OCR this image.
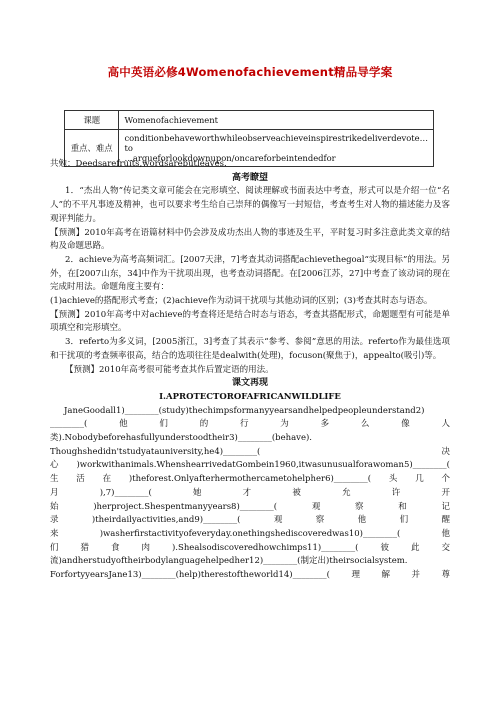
高中英语必修4Womenofachievement精品导学案
课题	Womenofachievement
重点、难点	conditionbehaveworthwhileobserveachieveinspirestrikedeliverdevote…to
…argueforlookdownupon/oncareforbeintendedfor

共勉：Deedsarefruits,wordsarebutleaves.

高考瞭望

1．“杰出人物”传记类文章可能会在完形填空、阅读理解或书面表达中考查，形式可以是介绍一位“名人”的不平凡事迹及精神，也可以要求考生给自己崇拜的偶像写一封短信，考查考生对人物的描述能力及客观评判能力。

【预测】2010年高考在语篇材料中仍会涉及成功杰出人物的事迹及生平，平时复习时多注意此类文章的结构及命题思路。

2．achieve为高考高频词汇。[2007天津，7]考查其动词搭配achievethegoal“实现目标”的用法。另外，在[2007山东，34]中作为干扰项出现，也考查动词搭配。在[2006江苏，27]中考查了该动词的现在完成时用法。命题角度主要有：

(1)achieve的搭配形式考查；(2)achieve作为动词干扰项与其他动词的区别；(3)考查其时态与语态。

【预测】2010年高考中对achieve的考查将还是结合时态与语态，考查其搭配形式，命题题型有可能是单项填空和完形填空。

3．referto为多义词，[2005浙江，3]考查了其表示“参考、参阅”意思的用法。referto作为最佳选项和干扰项的考查频率很高，结合的选项往往是dealwith(处理)，focuson(聚焦于)，appealto(吸引)等。

【预测】2010年高考很可能考查其作后置定语的用法。

课文再现

Ⅰ.APROTECTOROFAFRICANWILDLIFE

JaneGoodall1)________(study)thechimpsformanyyearsandhelpedpeopleunderstand2)

________(他们的行为多么像人

类).Nobodybeforehasfullyunderstoodtheir3)________(behave).

Thoughshedidn'tstudyatauniversity,he4)________(决

心)workwithanimals.WhenshearrivedatGombein1960,itwasunusualforawoman5)________(

生活在)theforest.Onlyafterhermothercametohelpher6)________(头几个

月),7)________(她才被允许开

始)herproject.Shespentmanyyears8)________(观察和记

录)theirdailyactivities,and9)________(观察他们醒

来)washerfirstactivityofeveryday.onethingshediscoveredwas10)________(他

们猎食肉).Shealsodiscoveredhowchimps11)________(彼此交

流)andherstudyoftheirbodylanguagehelpedher12)________(制定出)theirsocialsystem.

ForfortyyearsJane13)________(help)therestoftheworld14)________(理解并尊
